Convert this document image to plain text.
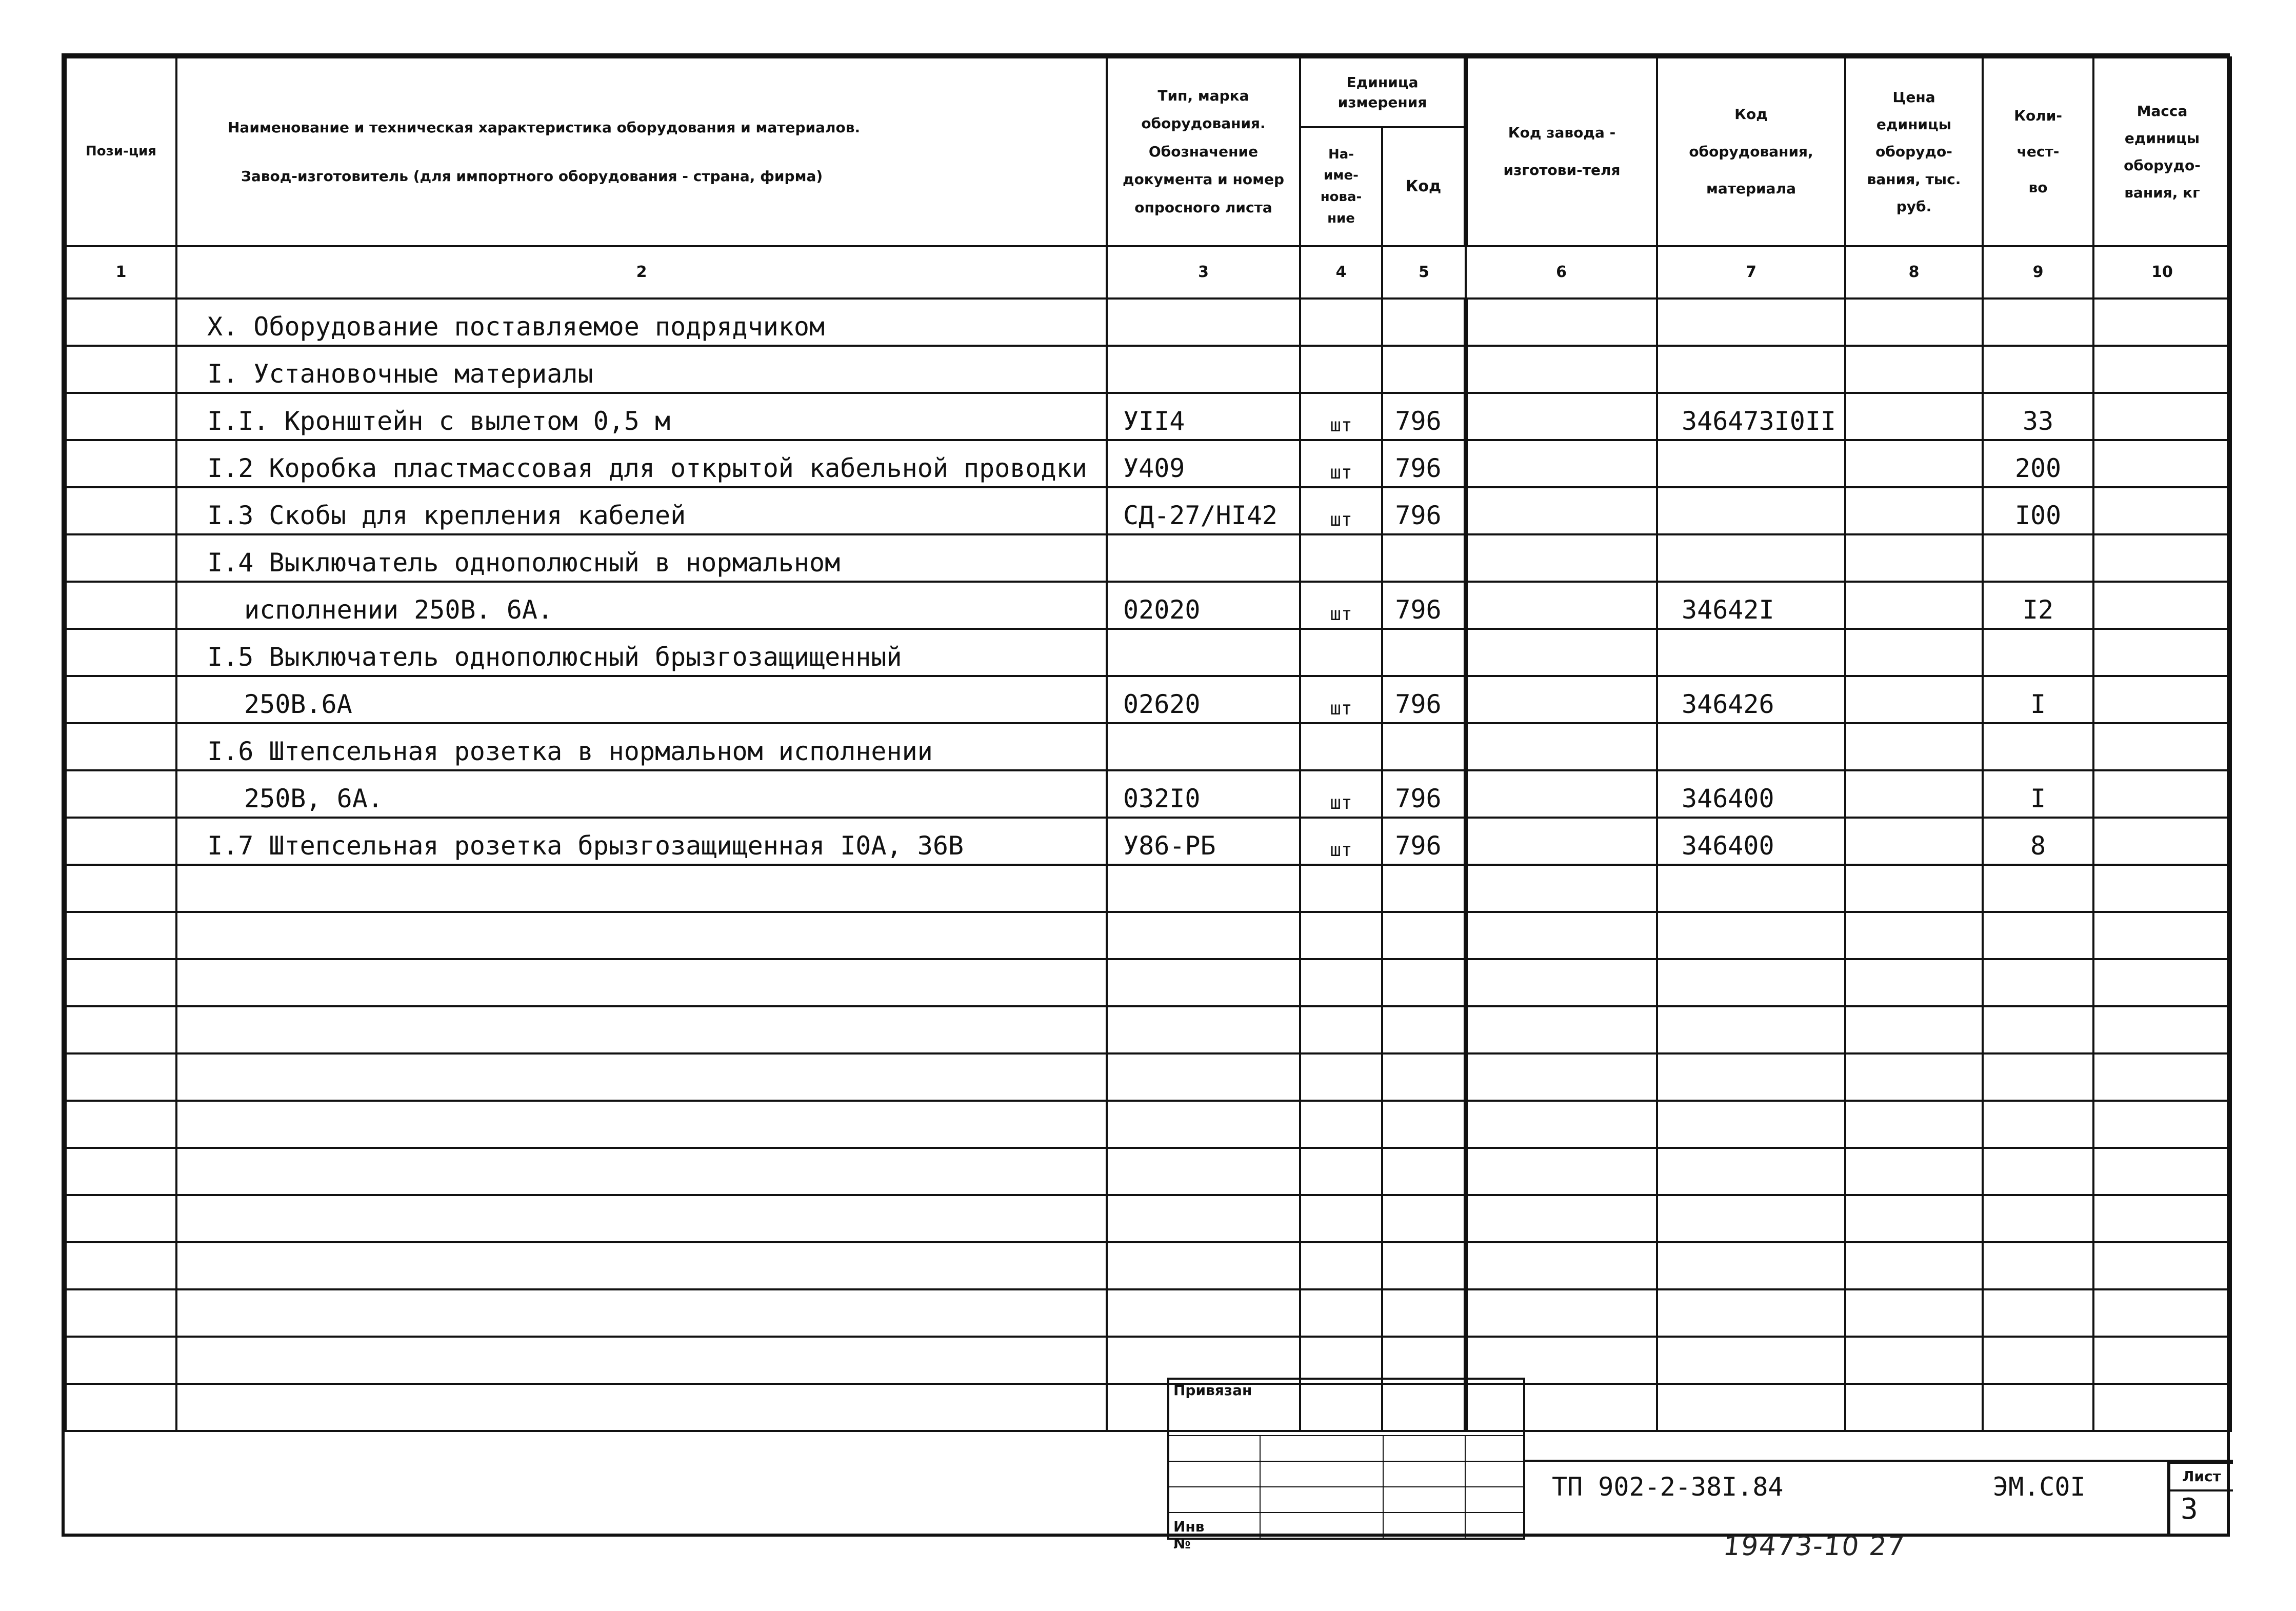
Пози-ция	Наименование и техническая характеристика оборудования и материалов.
Завод-изготовитель (для импортного оборудования - страна, фирма)	Тип, марка оборудования. Обозначение документа и номер опросного листа	Единица измерения		Код завода - изготови-теля	Код оборудования, материала	Цена единицы оборудо-вания, тыс. руб.	Коли-чест-во	Масса единицы оборудо-вания, кг
			На-име-нова-ние	Код					
1	2	3	4	5	6	7	8	9	10
	X. Оборудование поставляемое подрядчиком								
	I. Установочные материалы								
	I.I. Кронштейн с вылетом 0,5 м	УII4	шт	796		346473I0II		33	
	I.2 Коробка пластмассовая для открытой кабельной проводки	У409	шт	796				200	
	I.3 Скобы для крепления кабелей	СД-27/НI42	шт	796				I00	
	I.4 Выключатель однополюсный в нормальном								
	исполнении 250В. 6А.	02020	шт	796		34642I		I2	
	I.5 Выключатель однополюсный брызгозащищенный								
	250В.6А	02620	шт	796		346426		I	
	I.6 Штепсельная розетка в нормальном исполнении								
	250В, 6А.	032I0	шт	796		346400		I	
	I.7 Штепсельная розетка брызгозащищенная I0А, 36В	У86-РБ	шт	796		346400		8	

Привязан
Инв №
ТП 902-2-38I.84	ЭМ.С0I	Лист
3
19473-10 27
